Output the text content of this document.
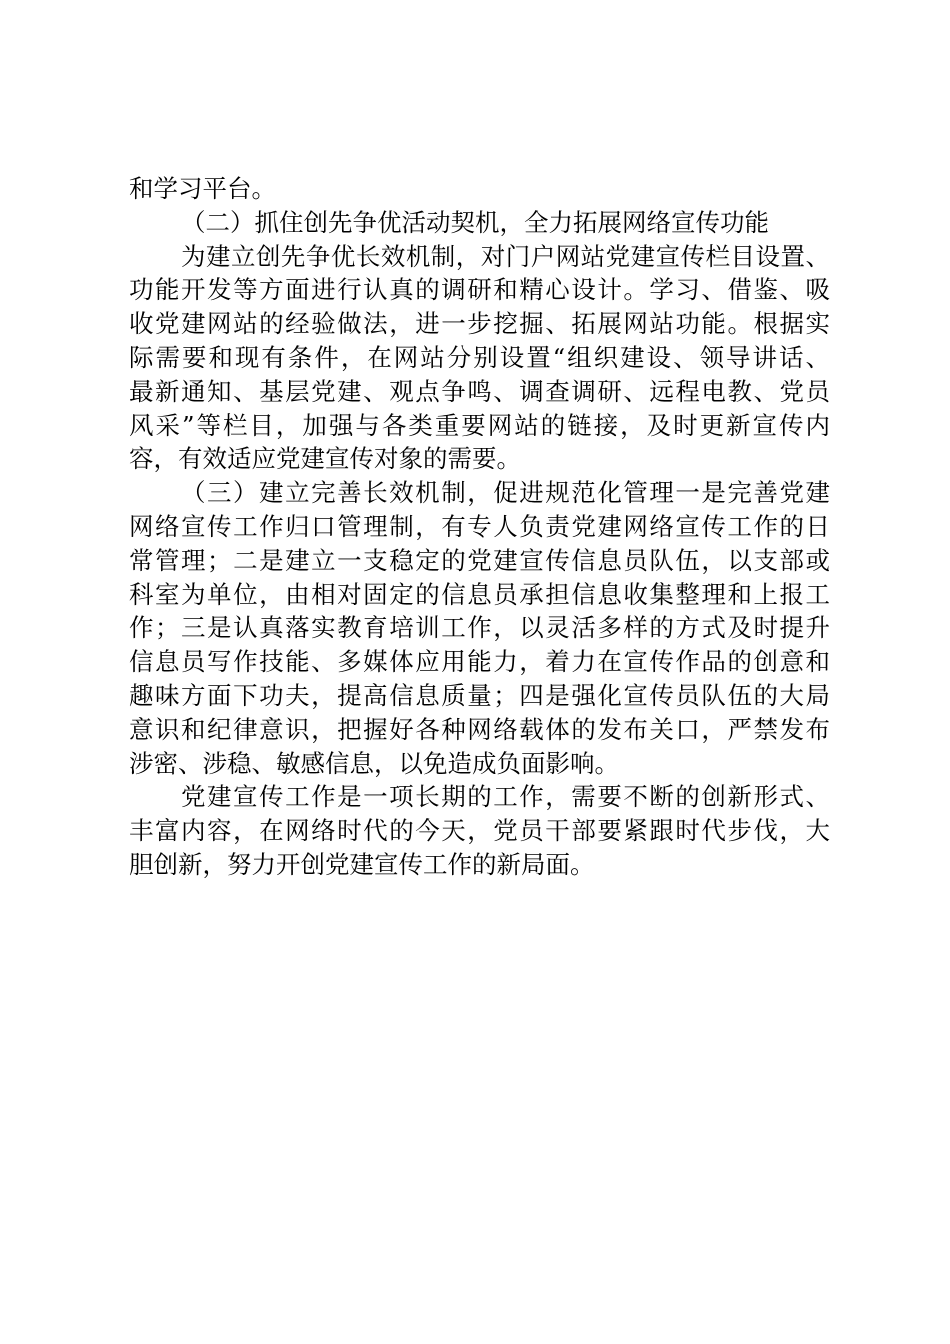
和学习平台。
（二）抓住创先争优活动契机，全力拓展网络宣传功能
为建立创先争优长效机制，对门户网站党建宣传栏目设置、
功能开发等方面进行认真的调研和精心设计。学习、借鉴、吸
收党建网站的经验做法，进一步挖掘、拓展网站功能。根据实
际需要和现有条件，在网站分别设置“组织建设、领导讲话、
最新通知、基层党建、观点争鸣、调查调研、远程电教、党员
风采”等栏目，加强与各类重要网站的链接，及时更新宣传内
容，有效适应党建宣传对象的需要。
（三）建立完善长效机制，促进规范化管理一是完善党建
网络宣传工作归口管理制，有专人负责党建网络宣传工作的日
常管理；二是建立一支稳定的党建宣传信息员队伍，以支部或
科室为单位，由相对固定的信息员承担信息收集整理和上报工
作；三是认真落实教育培训工作，以灵活多样的方式及时提升
信息员写作技能、多媒体应用能力，着力在宣传作品的创意和
趣味方面下功夫，提高信息质量；四是强化宣传员队伍的大局
意识和纪律意识，把握好各种网络载体的发布关口，严禁发布
涉密、涉稳、敏感信息，以免造成负面影响。
党建宣传工作是一项长期的工作，需要不断的创新形式、
丰富内容，在网络时代的今天，党员干部要紧跟时代步伐，大
胆创新，努力开创党建宣传工作的新局面。
